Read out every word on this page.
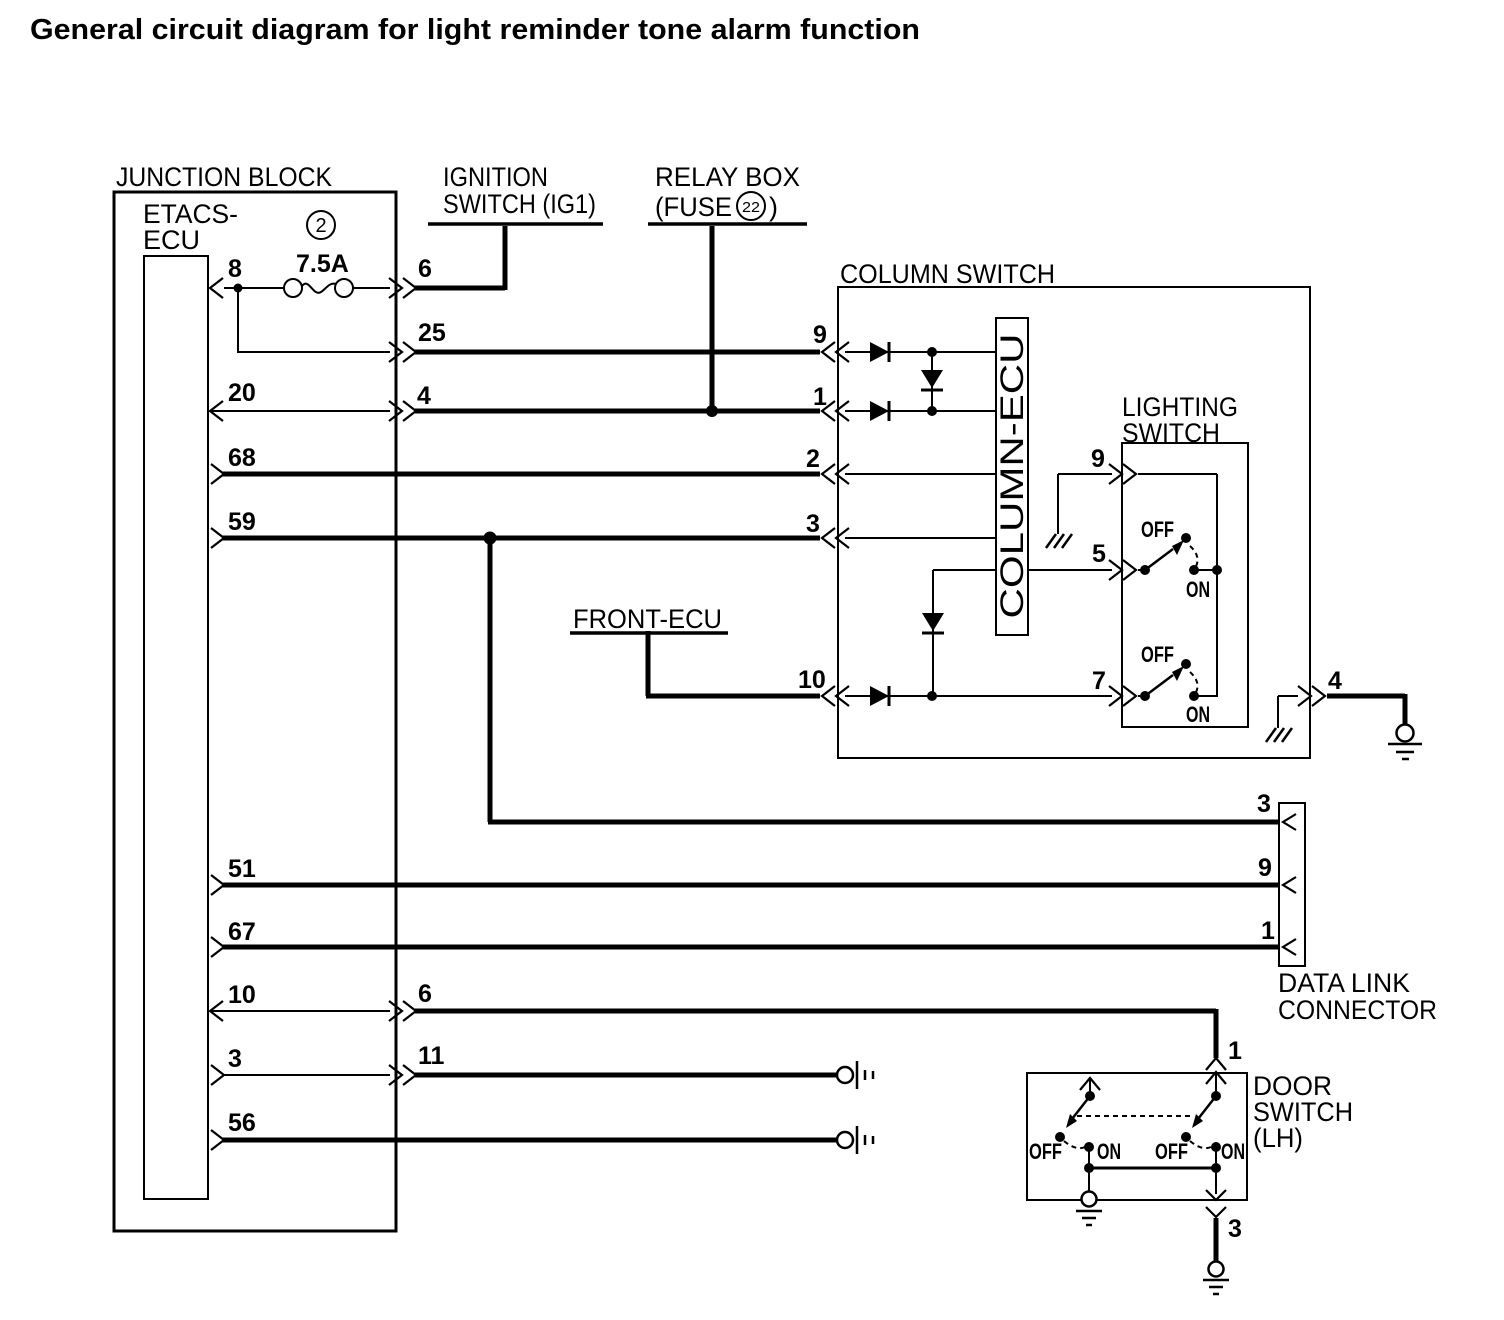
General circuit diagram for light reminder tone alarm function
COLUMN-ECU
JUNCTION BLOCK
ETACS-
ECU
IGNITION
SWITCH (IG1)
RELAY BOX
(FUSE 22 )
2
7.5A	COLUMN SWITCH
LIGHTING
SWITCH
FRONT-ECU
DATA LINK
CONNECTOR
DOOR
SWITCH
(LH)
OFF
ON
OFF
ON
OFF ON OFF ON
8	6
25
20	4
68
59
51
67
10	6
3	11
56
9
1
2
3
10	4
9
5
7
3
9
1
1
3
